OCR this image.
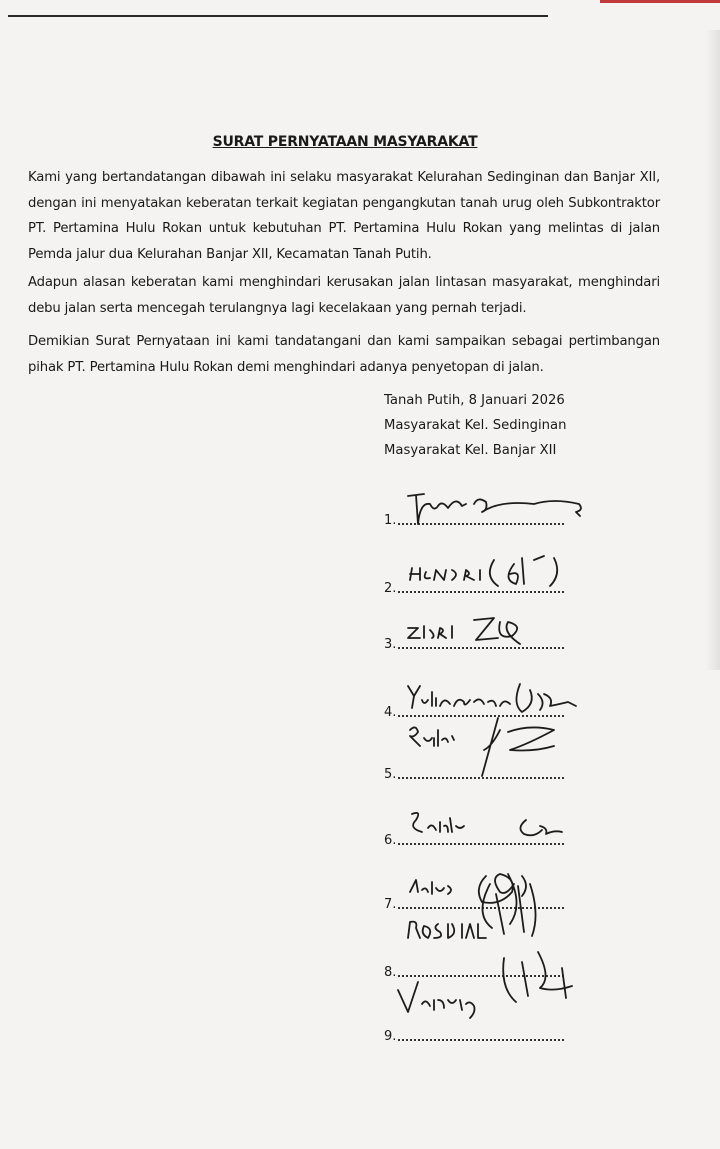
SURAT PERNYATAAN MASYARAKAT
Kami yang bertandatangan dibawah ini selaku masyarakat Kelurahan Sedinginan dan Banjar XII, dengan ini menyatakan keberatan terkait kegiatan pengangkutan tanah urug oleh Subkontraktor PT. Pertamina Hulu Rokan untuk kebutuhan PT. Pertamina Hulu Rokan yang melintas di jalan Pemda jalur dua Kelurahan Banjar XII, Kecamatan Tanah Putih.
Adapun alasan keberatan kami menghindari kerusakan jalan lintasan masyarakat, menghindari debu jalan serta mencegah terulangnya lagi kecelakaan yang pernah terjadi.
Demikian Surat Pernyataan ini kami tandatangani dan kami sampaikan sebagai pertimbangan pihak PT. Pertamina Hulu Rokan demi menghindari adanya penyetopan di jalan.
Tanah Putih, 8 Januari 2026
Masyarakat Kel. Sedinginan
Masyarakat Kel. Banjar XII
1.
2.
3.
4.
5.
6.
7.
8.
9.
